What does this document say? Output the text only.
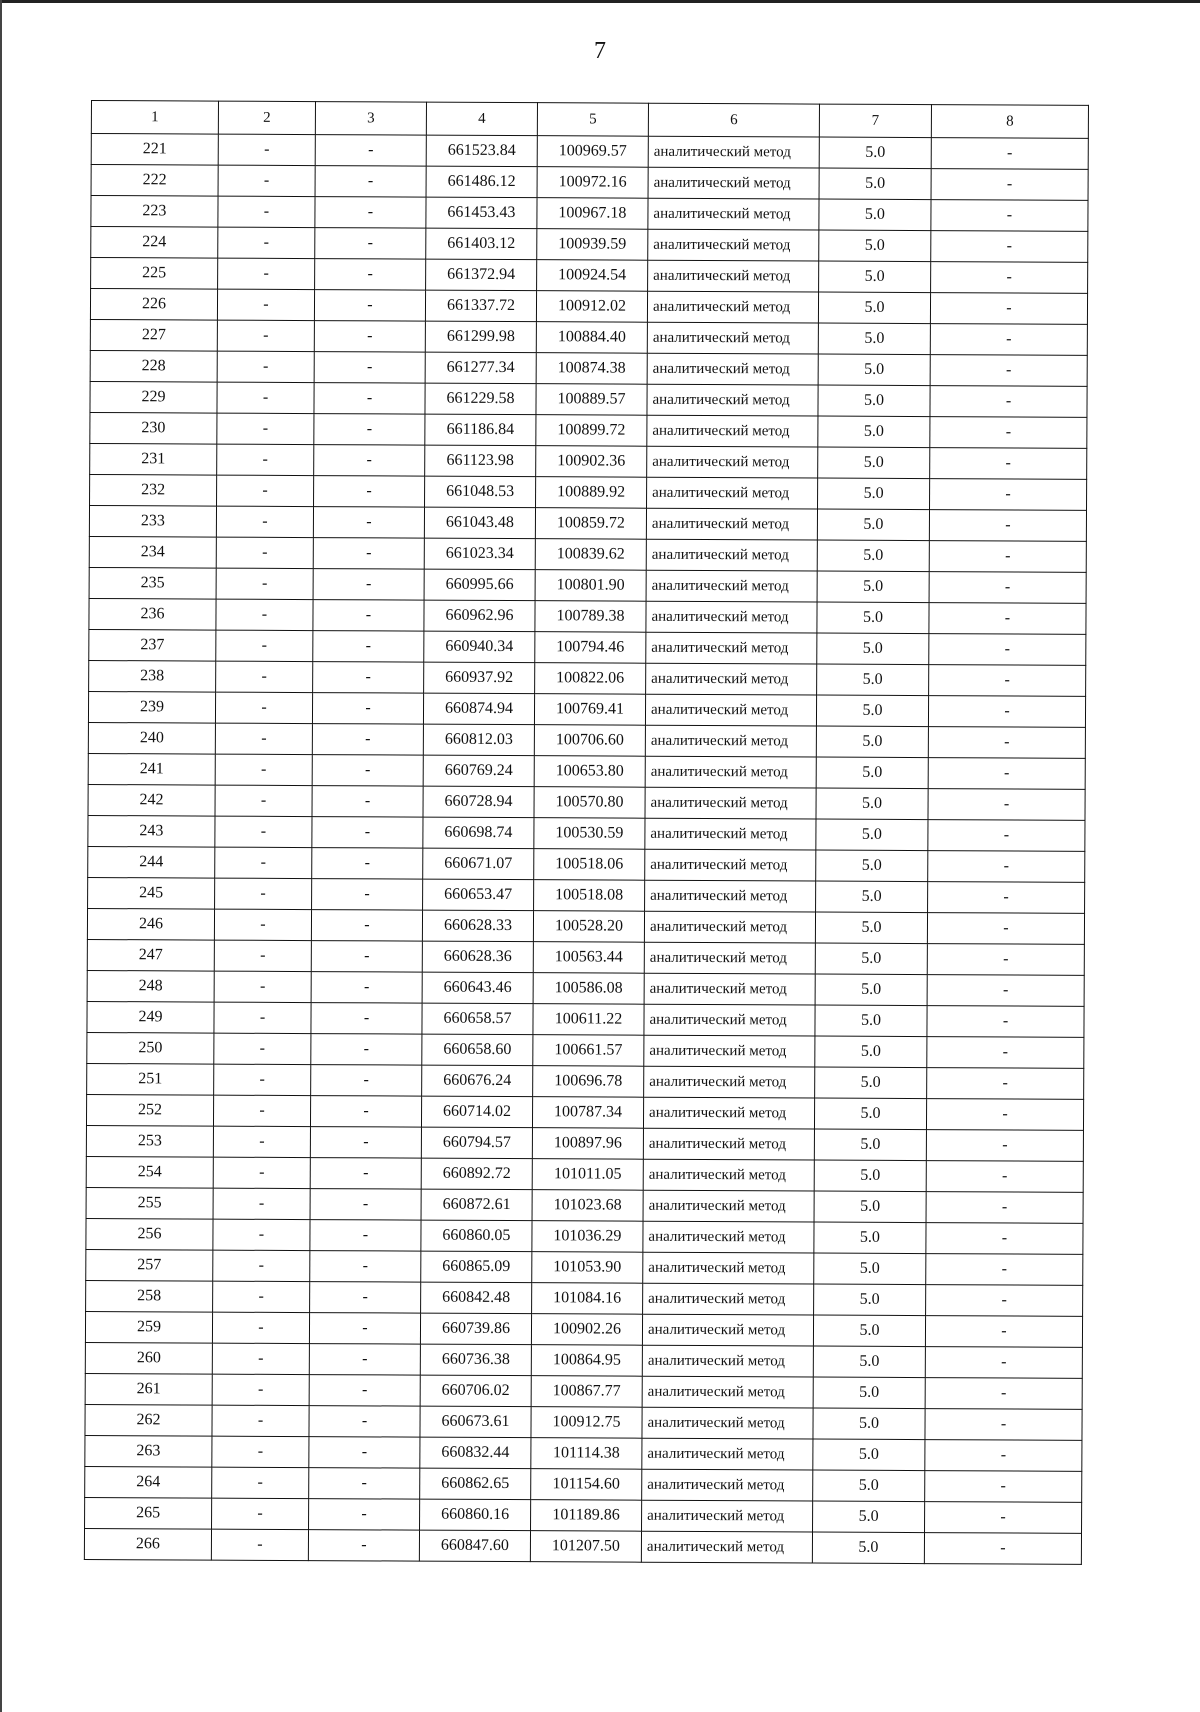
7
1	2	3	4	5	6	7	8
221	-	-	661523.84	100969.57	аналитический метод	5.0	-
222	-	-	661486.12	100972.16	аналитический метод	5.0	-
223	-	-	661453.43	100967.18	аналитический метод	5.0	-
224	-	-	661403.12	100939.59	аналитический метод	5.0	-
225	-	-	661372.94	100924.54	аналитический метод	5.0	-
226	-	-	661337.72	100912.02	аналитический метод	5.0	-
227	-	-	661299.98	100884.40	аналитический метод	5.0	-
228	-	-	661277.34	100874.38	аналитический метод	5.0	-
229	-	-	661229.58	100889.57	аналитический метод	5.0	-
230	-	-	661186.84	100899.72	аналитический метод	5.0	-
231	-	-	661123.98	100902.36	аналитический метод	5.0	-
232	-	-	661048.53	100889.92	аналитический метод	5.0	-
233	-	-	661043.48	100859.72	аналитический метод	5.0	-
234	-	-	661023.34	100839.62	аналитический метод	5.0	-
235	-	-	660995.66	100801.90	аналитический метод	5.0	-
236	-	-	660962.96	100789.38	аналитический метод	5.0	-
237	-	-	660940.34	100794.46	аналитический метод	5.0	-
238	-	-	660937.92	100822.06	аналитический метод	5.0	-
239	-	-	660874.94	100769.41	аналитический метод	5.0	-
240	-	-	660812.03	100706.60	аналитический метод	5.0	-
241	-	-	660769.24	100653.80	аналитический метод	5.0	-
242	-	-	660728.94	100570.80	аналитический метод	5.0	-
243	-	-	660698.74	100530.59	аналитический метод	5.0	-
244	-	-	660671.07	100518.06	аналитический метод	5.0	-
245	-	-	660653.47	100518.08	аналитический метод	5.0	-
246	-	-	660628.33	100528.20	аналитический метод	5.0	-
247	-	-	660628.36	100563.44	аналитический метод	5.0	-
248	-	-	660643.46	100586.08	аналитический метод	5.0	-
249	-	-	660658.57	100611.22	аналитический метод	5.0	-
250	-	-	660658.60	100661.57	аналитический метод	5.0	-
251	-	-	660676.24	100696.78	аналитический метод	5.0	-
252	-	-	660714.02	100787.34	аналитический метод	5.0	-
253	-	-	660794.57	100897.96	аналитический метод	5.0	-
254	-	-	660892.72	101011.05	аналитический метод	5.0	-
255	-	-	660872.61	101023.68	аналитический метод	5.0	-
256	-	-	660860.05	101036.29	аналитический метод	5.0	-
257	-	-	660865.09	101053.90	аналитический метод	5.0	-
258	-	-	660842.48	101084.16	аналитический метод	5.0	-
259	-	-	660739.86	100902.26	аналитический метод	5.0	-
260	-	-	660736.38	100864.95	аналитический метод	5.0	-
261	-	-	660706.02	100867.77	аналитический метод	5.0	-
262	-	-	660673.61	100912.75	аналитический метод	5.0	-
263	-	-	660832.44	101114.38	аналитический метод	5.0	-
264	-	-	660862.65	101154.60	аналитический метод	5.0	-
265	-	-	660860.16	101189.86	аналитический метод	5.0	-
266	-	-	660847.60	101207.50	аналитический метод	5.0	-
